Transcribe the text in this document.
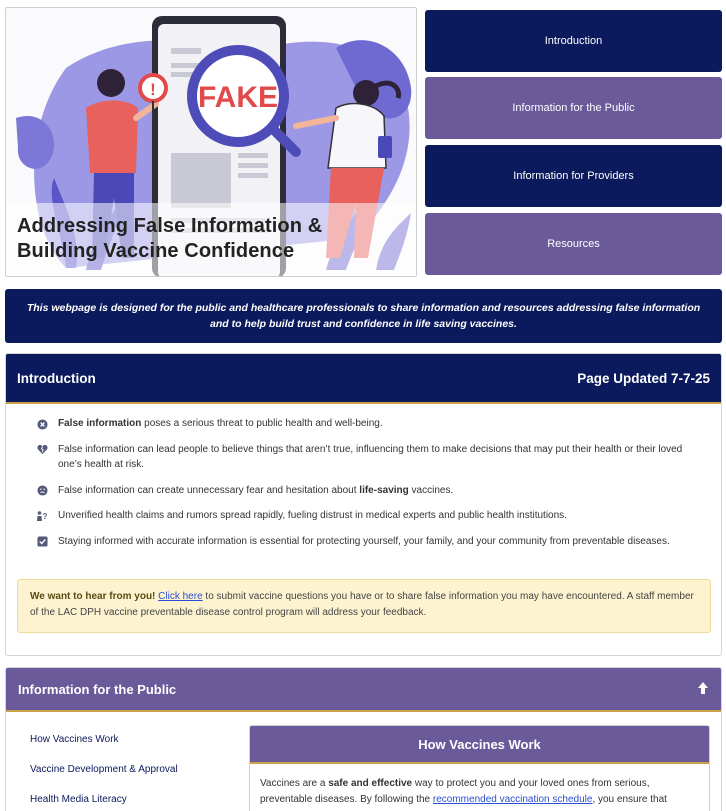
FAKE
!
Addressing False Information &
Building Vaccine Confidence
Introduction
Information for the Public
Information for Providers
Resources
This webpage is designed for the public and healthcare professionals to share information and resources addressing false information
and to help build trust and confidence in life saving vaccines.
Introduction	Page Updated 7-7-25
False information poses a serious threat to public health and well-being.
False information can lead people to believe things that aren’t true, influencing them to make decisions that may put their health or their loved one’s health at risk.
False information can create unnecessary fear and hesitation about life-saving vaccines.
? Unverified health claims and rumors spread rapidly, fueling distrust in medical experts and public health institutions.
Staying informed with accurate information is essential for protecting yourself, your family, and your community from preventable diseases.
We want to hear from you! Click here to submit vaccine questions you have or to share false information you may have encountered. A staff member of the LAC DPH vaccine preventable disease control program will address your feedback.
Information for the Public
How Vaccines Work
Vaccine Development & Approval
Health Media Literacy
How Vaccines Work
Vaccines are a safe and effective way to protect you and your loved ones from serious, preventable diseases. By following the recommended vaccination schedule, you ensure that
